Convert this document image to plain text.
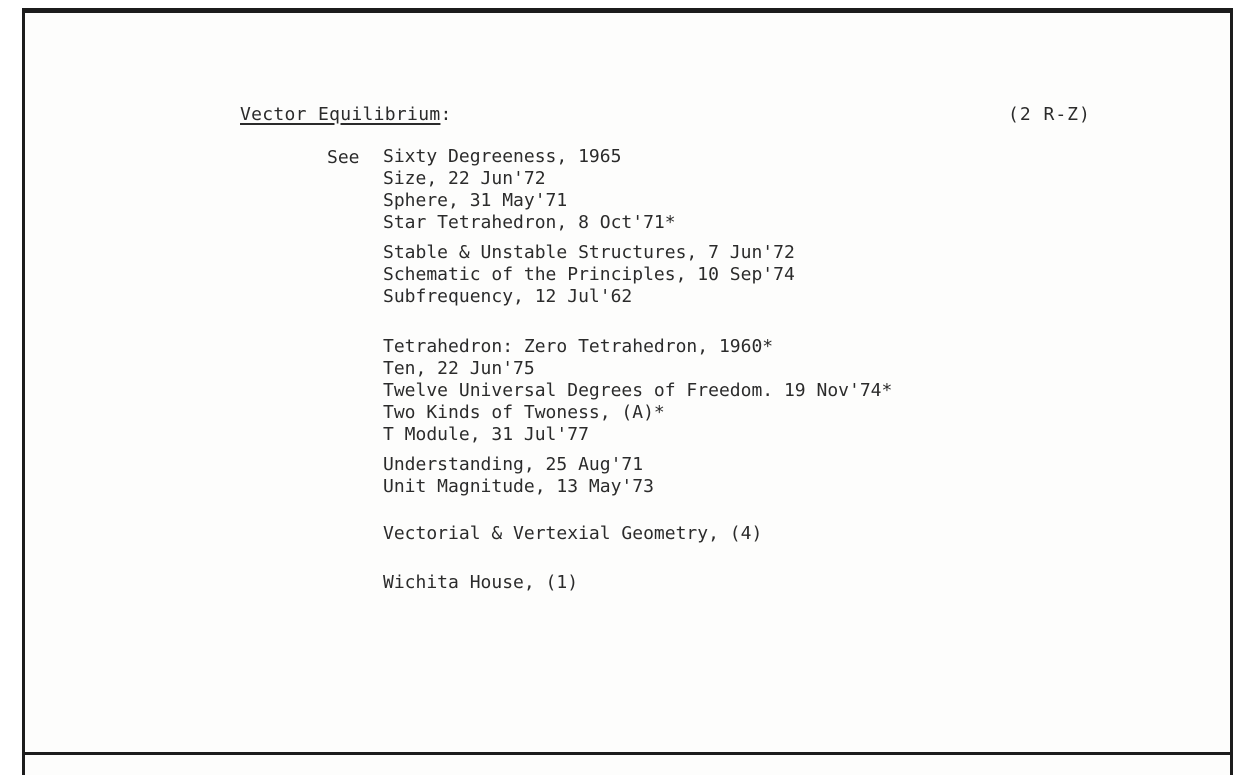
Vector Equilibrium:	(2 R-Z)
See

Sixty Degreeness, 1965

Size, 22 Jun'72

Sphere, 31 May'71

Star Tetrahedron, 8 Oct'71*

Stable & Unstable Structures, 7 Jun'72

Schematic of the Principles, 10 Sep'74

Subfrequency, 12 Jul'62

Tetrahedron: Zero Tetrahedron, 1960*

Ten, 22 Jun'75

Twelve Universal Degrees of Freedom. 19 Nov'74*

Two Kinds of Twoness, (A)*

T Module, 31 Jul'77

Understanding, 25 Aug'71

Unit Magnitude, 13 May'73

Vectorial & Vertexial Geometry, (4)

Wichita House, (1)
